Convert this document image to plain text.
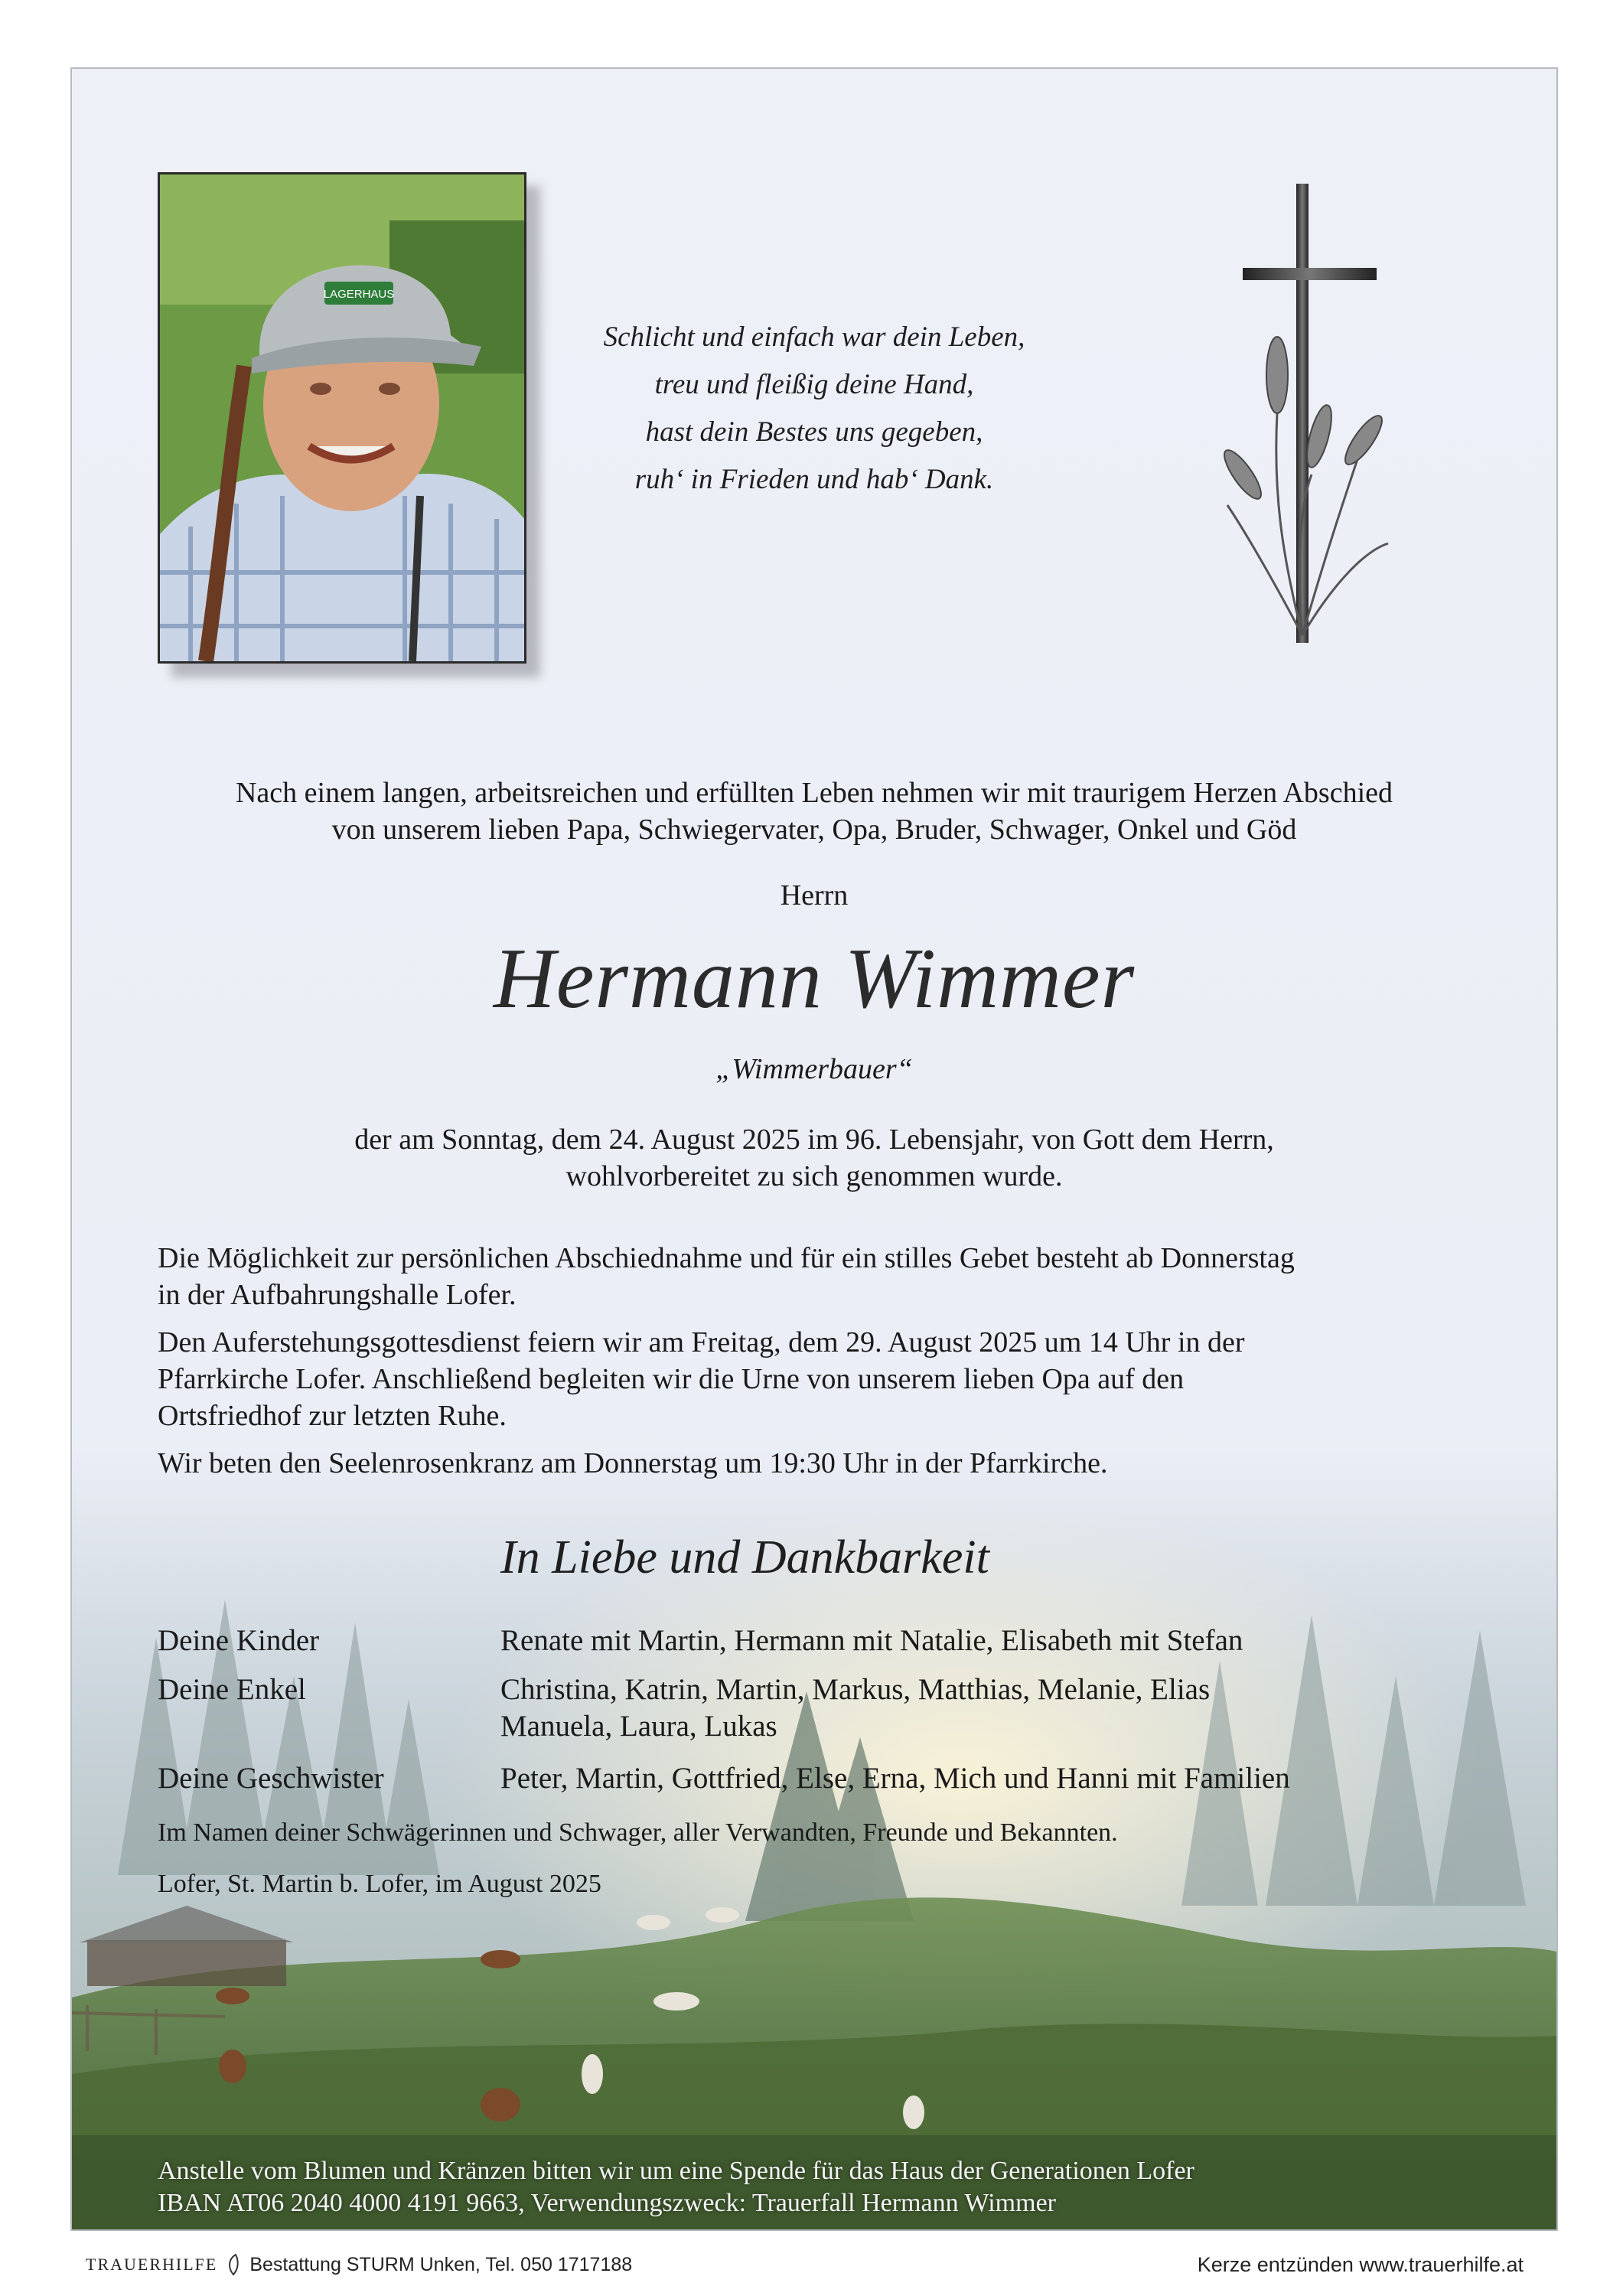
LAGERHAUS
Schlicht und einfach war dein Leben,
treu und fleißig deine Hand,
hast dein Bestes uns gegeben,
ruh‘ in Frieden und hab‘ Dank.
Nach einem langen, arbeitsreichen und erfüllten Leben nehmen wir mit traurigem Herzen Abschied
von unserem lieben Papa, Schwiegervater, Opa, Bruder, Schwager, Onkel und Göd
Herrn
Hermann Wimmer
„Wimmerbauer“
der am Sonntag, dem 24. August 2025 im 96. Lebensjahr, von Gott dem Herrn,
wohlvorbereitet zu sich genommen wurde.
Die Möglichkeit zur persönlichen Abschiednahme und für ein stilles Gebet besteht ab Donnerstag
in der Aufbahrungshalle Lofer.
Den Auferstehungsgottesdienst feiern wir am Freitag, dem 29. August 2025 um 14 Uhr in der
Pfarrkirche Lofer. Anschließend begleiten wir die Urne von unserem lieben Opa auf den
Ortsfriedhof zur letzten Ruhe.
Wir beten den Seelenrosenkranz am Donnerstag um 19:30 Uhr in der Pfarrkirche.
In Liebe und Dankbarkeit
Deine Kinder	Renate mit Martin, Hermann mit Natalie, Elisabeth mit Stefan
Deine Enkel	Christina, Katrin, Martin, Markus, Matthias, Melanie, Elias
Manuela, Laura, Lukas
Deine Geschwister	Peter, Martin, Gottfried, Else, Erna, Mich und Hanni mit Familien
Im Namen deiner Schwägerinnen und Schwager, aller Verwandten, Freunde und Bekannten.
Lofer, St. Martin b. Lofer, im August 2025
Anstelle vom Blumen und Kränzen bitten wir um eine Spende für das Haus der Generationen Lofer
IBAN AT06 2040 4000 4191 9663, Verwendungszweck: Trauerfall Hermann Wimmer
TRAUERHILFE Bestattung STURM Unken, Tel. 050 1717188	Kerze entzünden www.trauerhilfe.at
